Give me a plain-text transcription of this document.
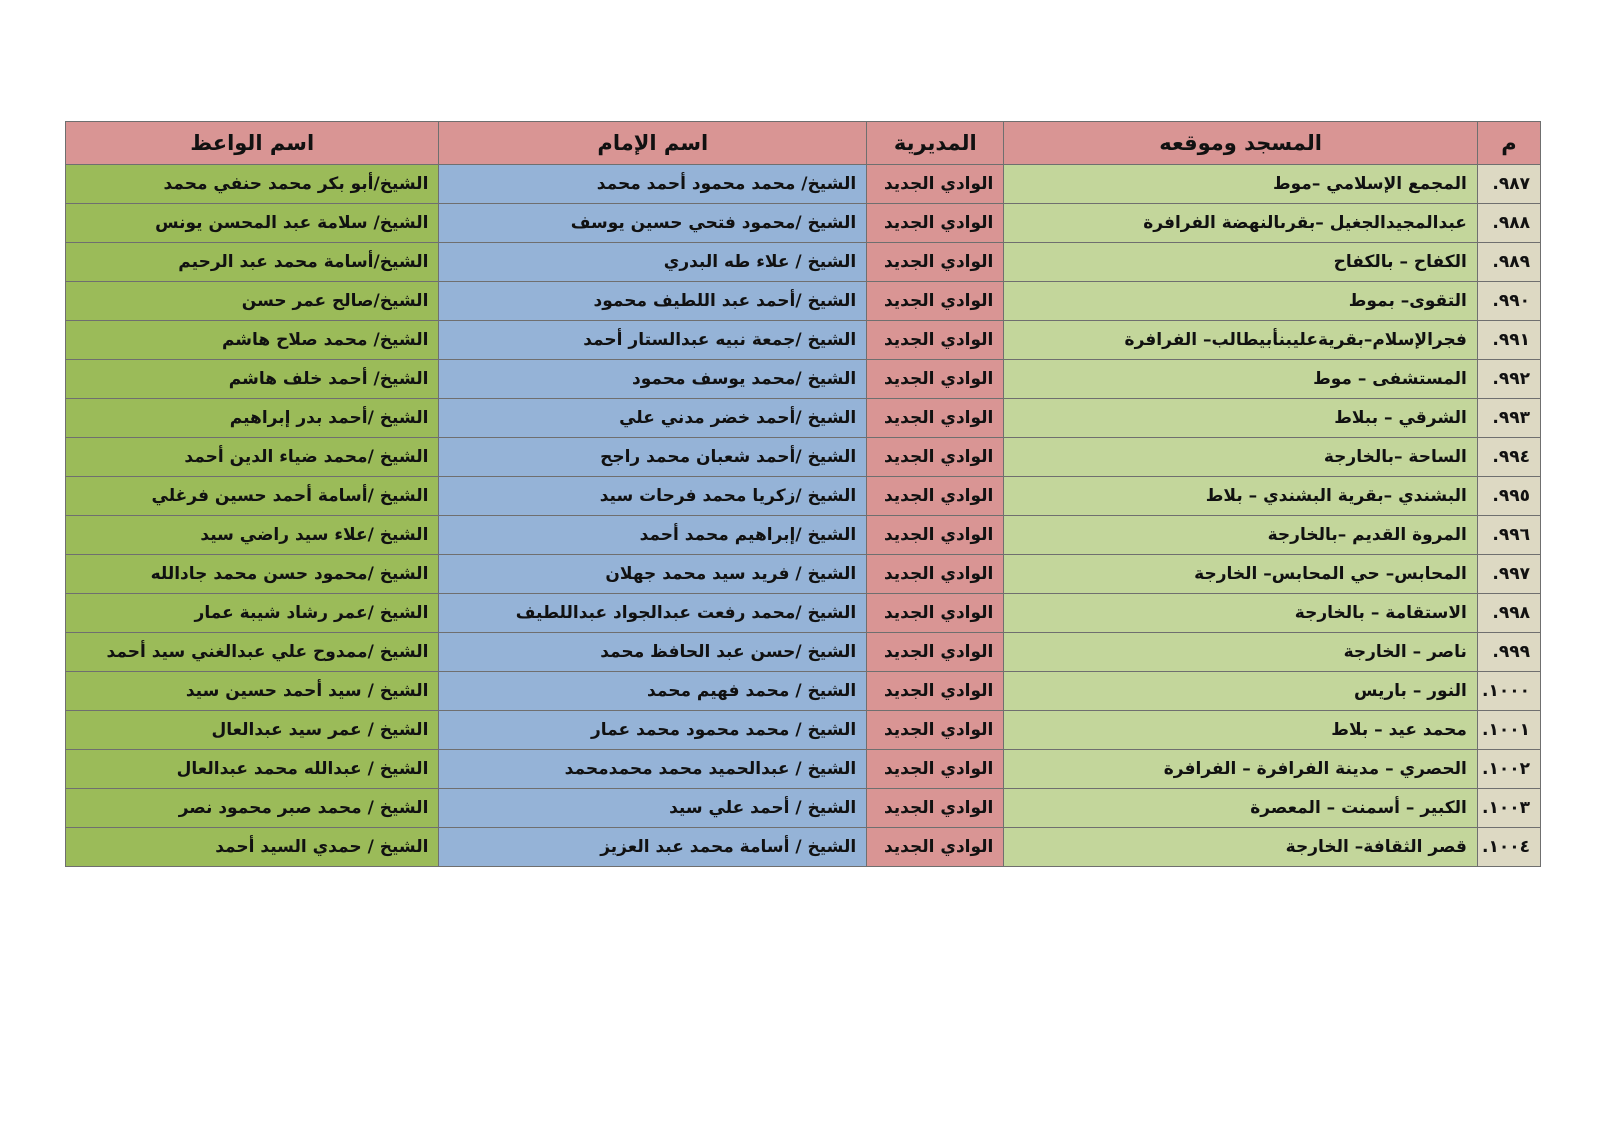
م	المسجد وموقعه	المديرية	اسم الإمام	اسم الواعظ
٩٨٧.	المجمع الإسلامي –موط	الوادي الجديد	الشيخ/ محمد محمود أحمد محمد	الشيخ/أبو بكر محمد حنفي محمد
٩٨٨.	عبدالمجيدالجغيل –بقرىالنهضة الفرافرة	الوادي الجديد	الشيخ /محمود فتحي حسين يوسف	الشيخ/ سلامة عبد المحسن يونس
٩٨٩.	الكفاح – بالكفاح	الوادي الجديد	الشيخ / علاء طه البدري	الشيخ/أسامة محمد عبد الرحيم
٩٩٠.	التقوى– بموط	الوادي الجديد	الشيخ /أحمد عبد اللطيف محمود	الشيخ/صالح عمر حسن
٩٩١.	فجرالإسلام–بقريةعليبنأبيطالب– الفرافرة	الوادي الجديد	الشيخ /جمعة نبيه عبدالستار أحمد	الشيخ/ محمد صلاح هاشم
٩٩٢.	المستشفى – موط	الوادي الجديد	الشيخ /محمد يوسف محمود	الشيخ/ أحمد خلف هاشم
٩٩٣.	الشرقي – ببلاط	الوادي الجديد	الشيخ /أحمد خضر مدني علي	الشيخ /أحمد بدر إبراهيم
٩٩٤.	الساحة –بالخارجة	الوادي الجديد	الشيخ /أحمد شعبان محمد راجح	الشيخ /محمد ضياء الدين أحمد
٩٩٥.	البشندي –بقرية البشندي – بلاط	الوادي الجديد	الشيخ /زكريا محمد فرحات سيد	الشيخ /أسامة أحمد حسين فرغلي
٩٩٦.	المروة القديم –بالخارجة	الوادي الجديد	الشيخ /إبراهيم محمد أحمد	الشيخ /علاء سيد راضي سيد
٩٩٧.	المحابس– حي المحابس– الخارجة	الوادي الجديد	الشيخ / فريد سيد محمد جهلان	الشيخ /محمود حسن محمد جادالله
٩٩٨.	الاستقامة – بالخارجة	الوادي الجديد	الشيخ /محمد رفعت عبدالجواد عبداللطيف	الشيخ /عمر رشاد شيبة عمار
٩٩٩.	ناصر – الخارجة	الوادي الجديد	الشيخ /حسن عبد الحافظ محمد	الشيخ /ممدوح علي عبدالغني سيد أحمد
١٠٠٠.	النور – باريس	الوادي الجديد	الشيخ / محمد فهيم محمد	الشيخ / سيد أحمد حسين سيد
١٠٠١.	محمد عيد – بلاط	الوادي الجديد	الشيخ / محمد محمود محمد عمار	الشيخ / عمر سيد عبدالعال
١٠٠٢.	الحصري – مدينة الفرافرة – الفرافرة	الوادي الجديد	الشيخ / عبدالحميد محمد محمدمحمد	الشيخ / عبدالله محمد عبدالعال
١٠٠٣.	الكبير – أسمنت – المعصرة	الوادي الجديد	الشيخ / أحمد علي سيد	الشيخ / محمد صبر محمود نصر
١٠٠٤.	قصر الثقافة– الخارجة	الوادي الجديد	الشيخ / أسامة محمد عبد العزيز	الشيخ / حمدي السيد أحمد
